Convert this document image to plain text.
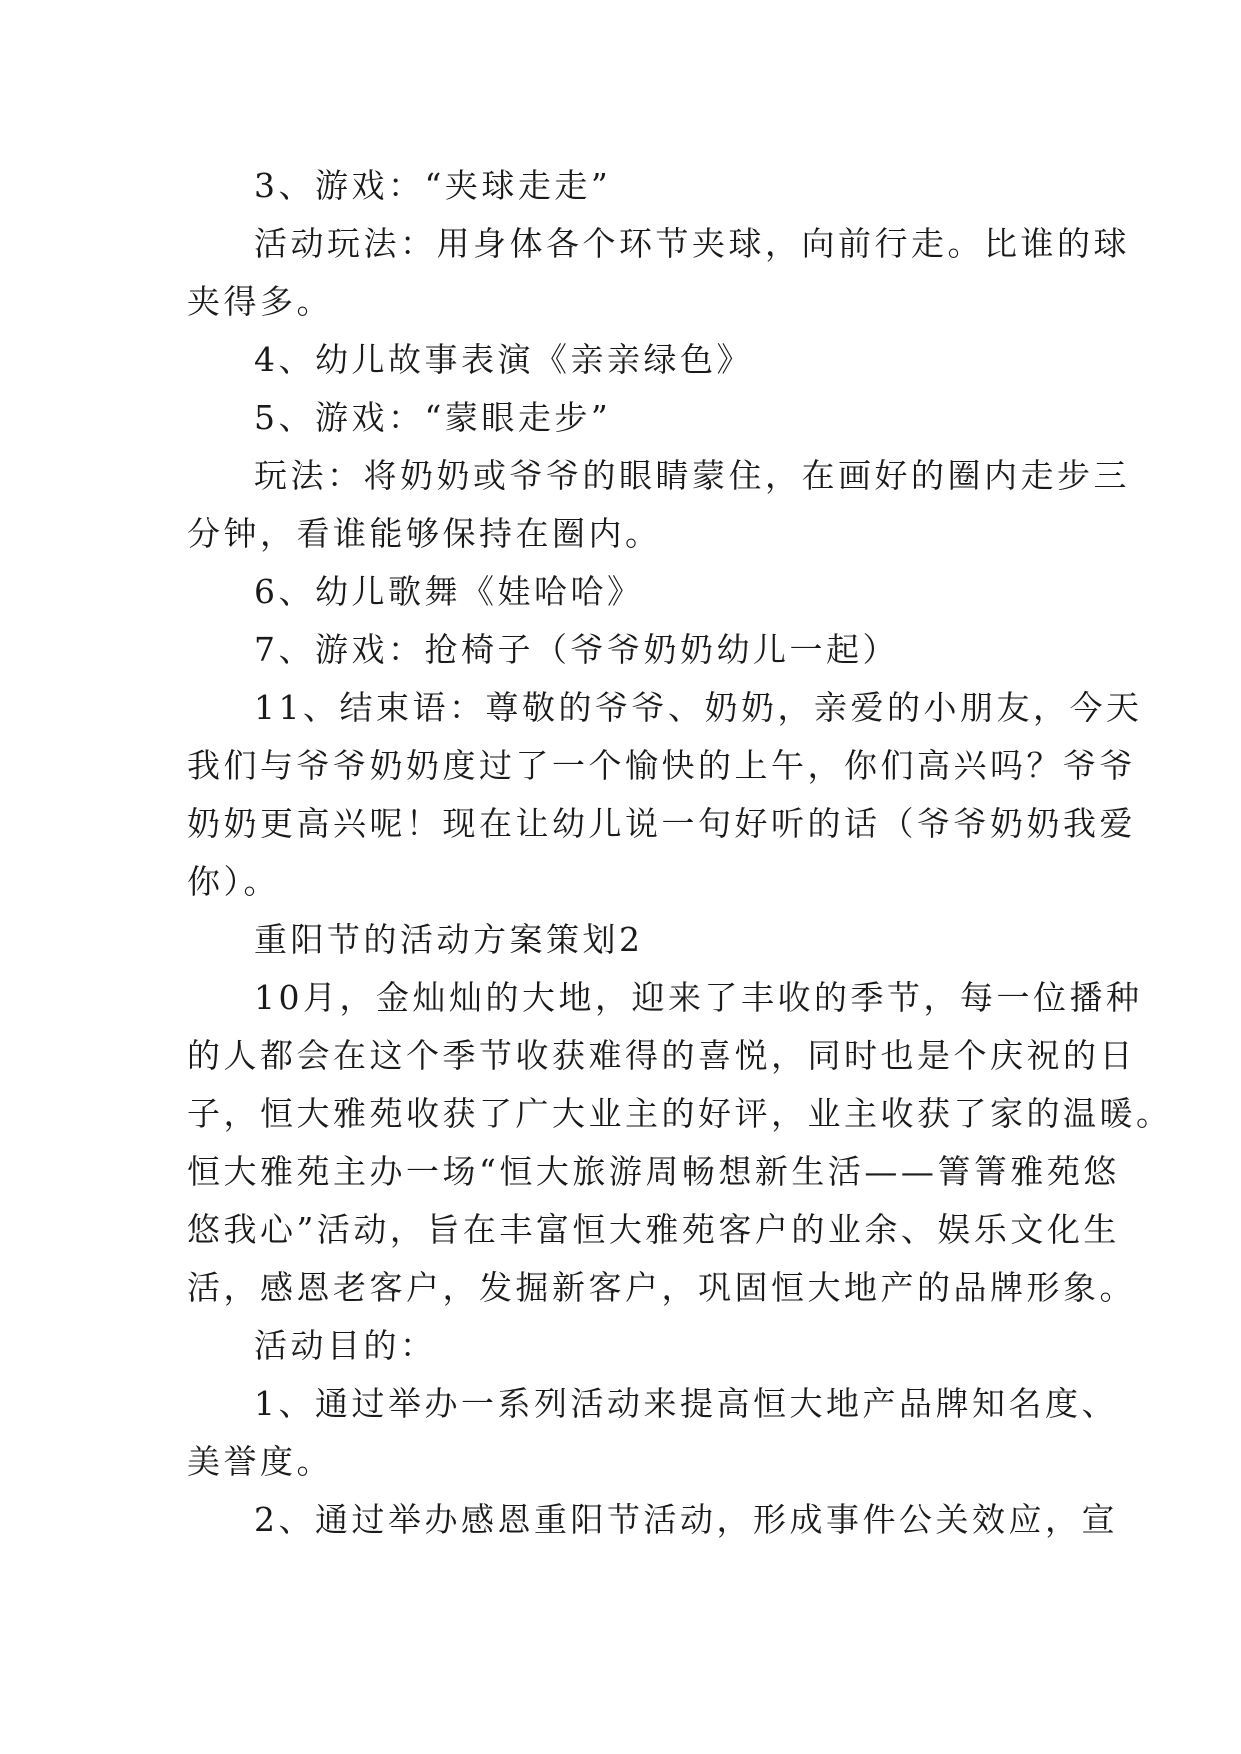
3、游戏：“夹球走走”
活动玩法：用身体各个环节夹球，向前行走。比谁的球
夹得多。
4、幼儿故事表演《亲亲绿色》
5、游戏：“蒙眼走步”
玩法：将奶奶或爷爷的眼睛蒙住，在画好的圈内走步三
分钟，看谁能够保持在圈内。
6、幼儿歌舞《娃哈哈》
7、游戏：抢椅子（爷爷奶奶幼儿一起）
11、结束语：尊敬的爷爷、奶奶，亲爱的小朋友，今天
我们与爷爷奶奶度过了一个愉快的上午，你们高兴吗？爷爷
奶奶更高兴呢！现在让幼儿说一句好听的话（爷爷奶奶我爱
你）。
重阳节的活动方案策划2
10月，金灿灿的大地，迎来了丰收的季节，每一位播种
的人都会在这个季节收获难得的喜悦，同时也是个庆祝的日
子，恒大雅苑收获了广大业主的好评，业主收获了家的温暖。
恒大雅苑主办一场“恒大旅游周畅想新生活——箐箐雅苑悠
悠我心”活动，旨在丰富恒大雅苑客户的业余、娱乐文化生
活，感恩老客户，发掘新客户，巩固恒大地产的品牌形象。
活动目的：
1、通过举办一系列活动来提高恒大地产品牌知名度、
美誉度。
2、通过举办感恩重阳节活动，形成事件公关效应，宣
